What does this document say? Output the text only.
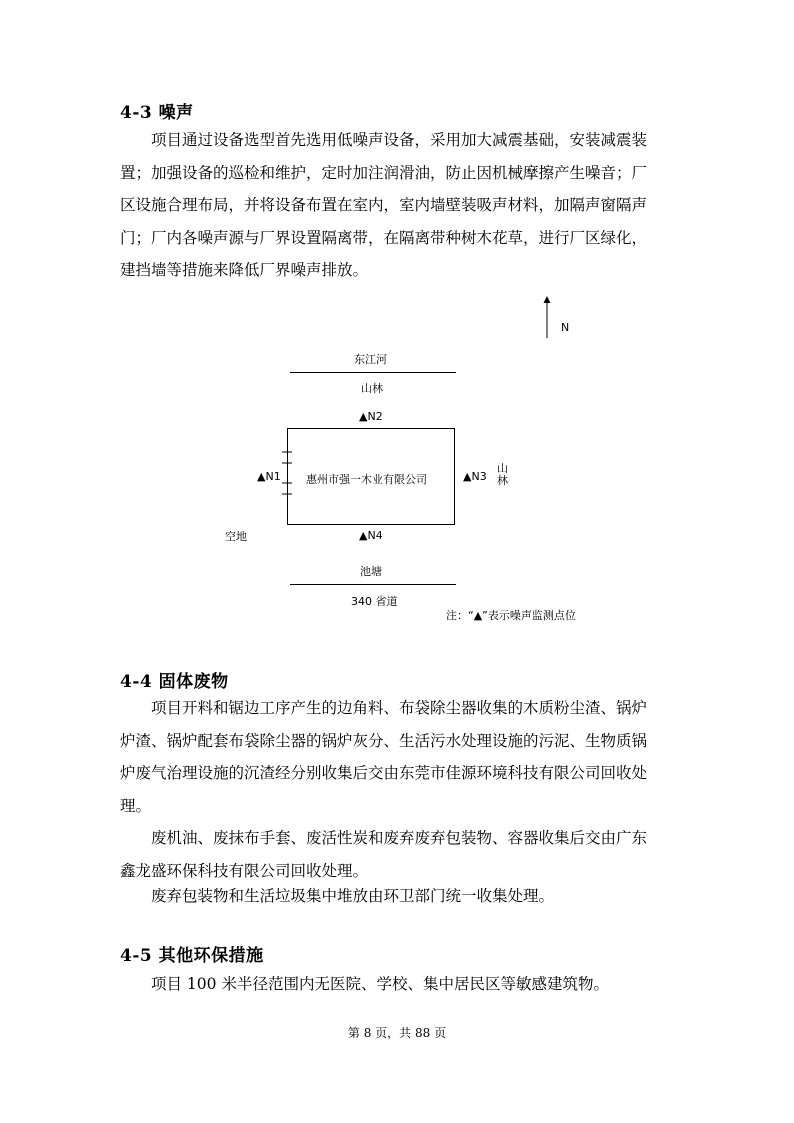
4-3 噪声
项目通过设备选型首先选用低噪声设备，采用加大减震基础，安装减震装
置；加强设备的巡检和维护，定时加注润滑油，防止因机械摩擦产生噪音；厂
区设施合理布局，并将设备布置在室内，室内墙壁装吸声材料，加隔声窗隔声
门；厂内各噪声源与厂界设置隔离带，在隔离带种树木花草，进行厂区绿化，
建挡墙等措施来降低厂界噪声排放。
N
东江河
山林
▲N2
惠州市强一木业有限公司
▲N1	▲N3
山
林
空地	▲N4
池塘
340 省道
注：“▲”表示噪声监测点位
4-4 固体废物
项目开料和锯边工序产生的边角料、布袋除尘器收集的木质粉尘渣、锅炉
炉渣、锅炉配套布袋除尘器的锅炉灰分、生活污水处理设施的污泥、生物质锅
炉废气治理设施的沉渣经分别收集后交由东莞市佳源环境科技有限公司回收处
理。
废机油、废抹布手套、废活性炭和废弃废弃包装物、容器收集后交由广东
鑫龙盛环保科技有限公司回收处理。
废弃包装物和生活垃圾集中堆放由环卫部门统一收集处理。
4-5 其他环保措施
项目 100 米半径范围内无医院、学校、集中居民区等敏感建筑物。
第 8 页，共 88 页
